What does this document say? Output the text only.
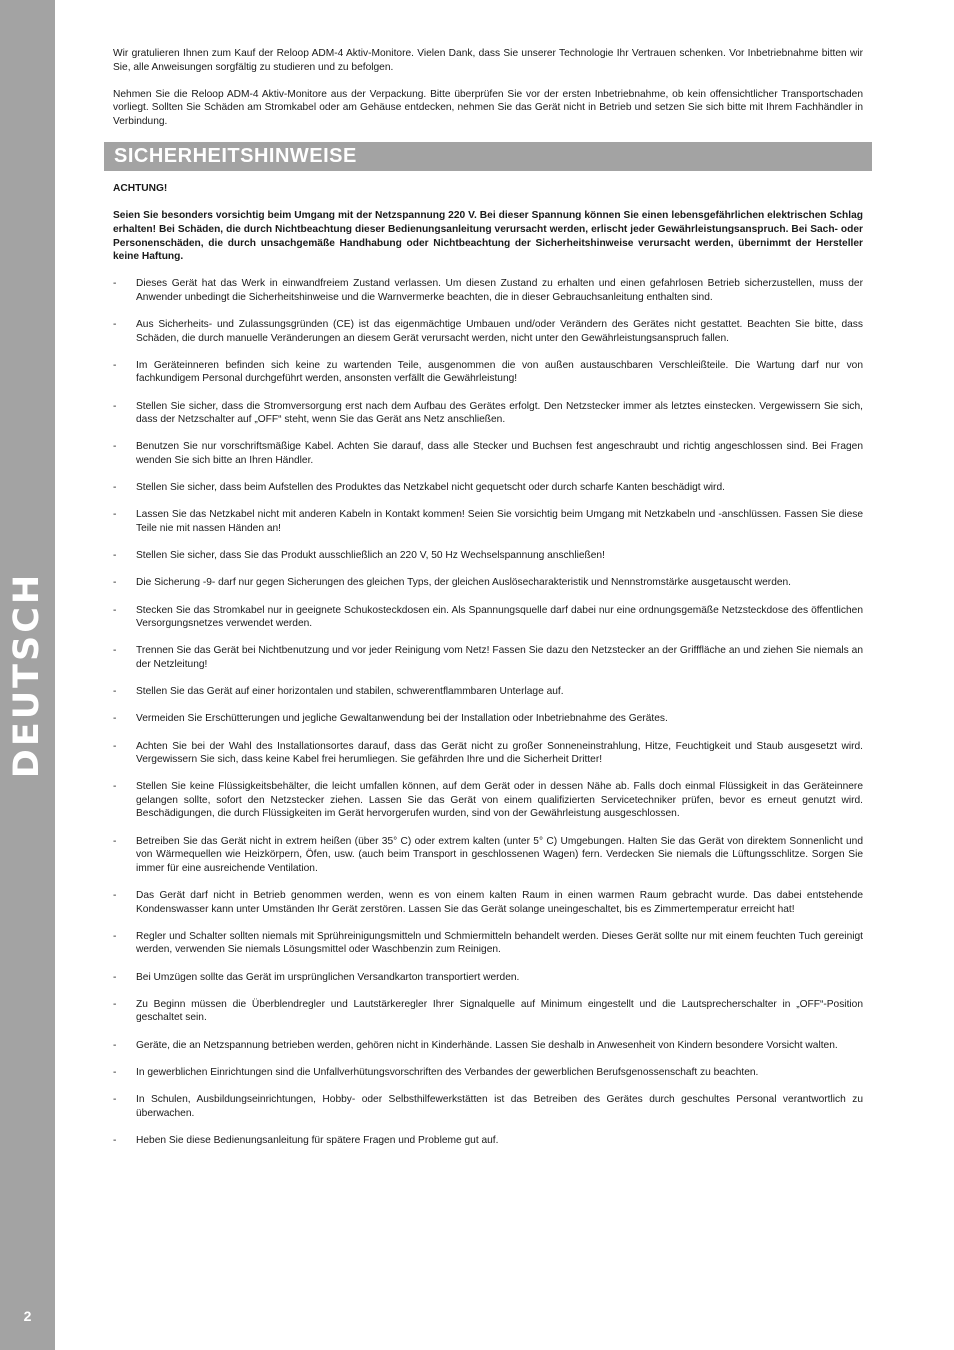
DEUTSCH
2

Wir gratulieren Ihnen zum Kauf der Reloop ADM-4 Aktiv-Monitore. Vielen Dank, dass Sie unserer Technologie Ihr Vertrauen schenken. Vor Inbetriebnahme bitten wir Sie, alle Anweisungen sorgfältig zu studieren und zu befolgen.

Nehmen Sie die Reloop ADM-4 Aktiv-Monitore aus der Verpackung. Bitte überprüfen Sie vor der ersten Inbetriebnahme, ob kein offensichtlicher Transportschaden vorliegt. Sollten Sie Schäden am Stromkabel oder am Gehäuse entdecken, nehmen Sie das Gerät nicht in Betrieb und setzen Sie sich bitte mit Ihrem Fachhändler in Verbindung.

SICHERHEITSHINWEISE

ACHTUNG!

Seien Sie besonders vorsichtig beim Umgang mit der Netzspannung 220 V. Bei dieser Spannung können Sie einen lebensgefährlichen elektrischen Schlag erhalten! Bei Schäden, die durch Nichtbeachtung dieser Bedienungsanleitung verursacht werden, erlischt jeder Gewährleistungsanspruch. Bei Sach- oder Personenschäden, die durch unsachgemäße Handhabung oder Nichtbeachtung der Sicherheitshinweise verursacht werden, übernimmt der Hersteller keine Haftung.

- Dieses Gerät hat das Werk in einwandfreiem Zustand verlassen. Um diesen Zustand zu erhalten und einen gefahrlosen Betrieb sicherzustellen, muss der Anwender unbedingt die Sicherheitshinweise und die Warnvermerke beachten, die in dieser Gebrauchsanleitung enthalten sind.
- Aus Sicherheits- und Zulassungsgründen (CE) ist das eigenmächtige Umbauen und/oder Verändern des Gerätes nicht gestattet. Beachten Sie bitte, dass Schäden, die durch manuelle Veränderungen an diesem Gerät verursacht werden, nicht unter den Gewährleistungsanspruch fallen.
- Im Geräteinneren befinden sich keine zu wartenden Teile, ausgenommen die von außen austauschbaren Verschleißteile. Die Wartung darf nur von fachkundigem Personal durchgeführt werden, ansonsten verfällt die Gewährleistung!
- Stellen Sie sicher, dass die Stromversorgung erst nach dem Aufbau des Gerätes erfolgt. Den Netzstecker immer als letztes einstecken. Vergewissern Sie sich, dass der Netzschalter auf „OFF“ steht, wenn Sie das Gerät ans Netz anschließen.
- Benutzen Sie nur vorschriftsmäßige Kabel. Achten Sie darauf, dass alle Stecker und Buchsen fest angeschraubt und richtig angeschlossen sind. Bei Fragen wenden Sie sich bitte an Ihren Händler.
- Stellen Sie sicher, dass beim Aufstellen des Produktes das Netzkabel nicht gequetscht oder durch scharfe Kanten beschädigt wird.
- Lassen Sie das Netzkabel nicht mit anderen Kabeln in Kontakt kommen! Seien Sie vorsichtig beim Umgang mit Netzkabeln und -anschlüssen. Fassen Sie diese Teile nie mit nassen Händen an!
- Stellen Sie sicher, dass Sie das Produkt ausschließlich an 220 V, 50 Hz Wechselspannung anschließen!
- Die Sicherung -9- darf nur gegen Sicherungen des gleichen Typs, der gleichen Auslösecharakteristik und Nennstromstärke ausgetauscht werden.
- Stecken Sie das Stromkabel nur in geeignete Schukosteckdosen ein. Als Spannungsquelle darf dabei nur eine ordnungsgemäße Netzsteckdose des öffentlichen Versorgungsnetzes verwendet werden.
- Trennen Sie das Gerät bei Nichtbenutzung und vor jeder Reinigung vom Netz! Fassen Sie dazu den Netzstecker an der Grifffläche an und ziehen Sie niemals an der Netzleitung!
- Stellen Sie das Gerät auf einer horizontalen und stabilen, schwerentflammbaren Unterlage auf.
- Vermeiden Sie Erschütterungen und jegliche Gewaltanwendung bei der Installation oder Inbetriebnahme des Gerätes.
- Achten Sie bei der Wahl des Installationsortes darauf, dass das Gerät nicht zu großer Sonneneinstrahlung, Hitze, Feuchtigkeit und Staub ausgesetzt wird. Vergewissern Sie sich, dass keine Kabel frei herumliegen. Sie gefährden Ihre und die Sicherheit Dritter!
- Stellen Sie keine Flüssigkeitsbehälter, die leicht umfallen können, auf dem Gerät oder in dessen Nähe ab. Falls doch einmal Flüssigkeit in das Geräteinnere gelangen sollte, sofort den Netzstecker ziehen. Lassen Sie das Gerät von einem qualifizierten Servicetechniker prüfen, bevor es erneut genutzt wird. Beschädigungen, die durch Flüssigkeiten im Gerät hervorgerufen wurden, sind von der Gewährleistung ausgeschlossen.
- Betreiben Sie das Gerät nicht in extrem heißen (über 35° C) oder extrem kalten (unter 5° C) Umgebungen. Halten Sie das Gerät von direktem Sonnenlicht und von Wärmequellen wie Heizkörpern, Öfen, usw. (auch beim Transport in geschlossenen Wagen) fern. Verdecken Sie niemals die Lüftungsschlitze. Sorgen Sie immer für eine ausreichende Ventilation.
- Das Gerät darf nicht in Betrieb genommen werden, wenn es von einem kalten Raum in einen warmen Raum gebracht wurde. Das dabei entstehende Kondenswasser kann unter Umständen Ihr Gerät zerstören. Lassen Sie das Gerät solange uneingeschaltet, bis es Zimmertemperatur erreicht hat!
- Regler und Schalter sollten niemals mit Sprühreinigungsmitteln und Schmiermitteln behandelt werden. Dieses Gerät sollte nur mit einem feuchten Tuch gereinigt werden, verwenden Sie niemals Lösungsmittel oder Waschbenzin zum Reinigen.
- Bei Umzügen sollte das Gerät im ursprünglichen Versandkarton transportiert werden.
- Zu Beginn müssen die Überblendregler und Lautstärkeregler Ihrer Signalquelle auf Minimum eingestellt und die Lautsprecherschalter in „OFF“-Position geschaltet sein.
- Geräte, die an Netzspannung betrieben werden, gehören nicht in Kinderhände. Lassen Sie deshalb in Anwesenheit von Kindern besondere Vorsicht walten.
- In gewerblichen Einrichtungen sind die Unfallverhütungsvorschriften des Verbandes der gewerblichen Berufsgenossenschaft zu beachten.
- In Schulen, Ausbildungseinrichtungen, Hobby- oder Selbsthilfewerkstätten ist das Betreiben des Gerätes durch geschultes Personal verantwortlich zu überwachen.
- Heben Sie diese Bedienungsanleitung für spätere Fragen und Probleme gut auf.
